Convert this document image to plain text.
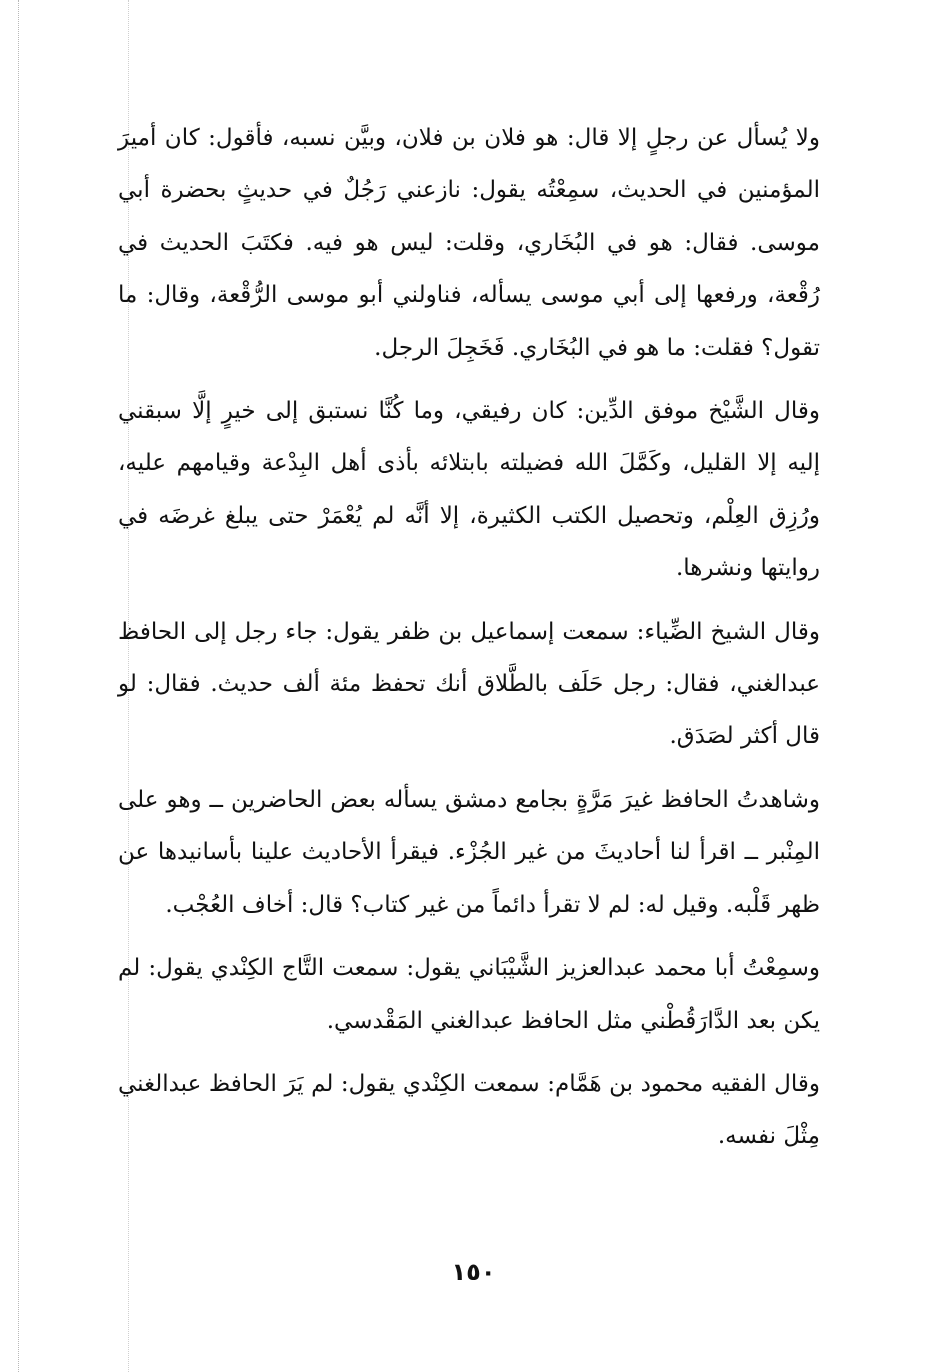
ولا يُسأل عن رجلٍ إلا قال: هو فلان بن فلان، وبيَّن نسبه، فأقول: كان أميرَ المؤمنين في الحديث، سمِعْتُه يقول: نازعني رَجُلٌ في حديثٍ بحضرة أبي موسى. فقال: هو في البُخَاري، وقلت: ليس هو فيه. فكتَبَ الحديث في رُقْعة، ورفعها إلى أبي موسى يسأله، فناولني أبو موسى الرُّقْعة، وقال: ما تقول؟ فقلت: ما هو في البُخَاري. فَخَجِلَ الرجل.

وقال الشَّيْخ موفق الدِّين: كان رفيقي، وما كُنَّا نستبق إلى خيرٍ إلَّا سبقني إليه إلا القليل، وكَمَّلَ الله فضيلته بابتلائه بأذى أهل البِدْعة وقيامهم عليه، ورُزِق العِلْم، وتحصيل الكتب الكثيرة، إلا أنَّه لم يُعْمَرْ حتى يبلغ غرضَه في روايتها ونشرها.

وقال الشيخ الضِّياء: سمعت إسماعيل بن ظفر يقول: جاء رجل إلى الحافظ عبدالغني، فقال: رجل حَلَف بالطَّلاق أنك تحفظ مئة ألف حديث. فقال: لو قال أكثر لصَدَق.

وشاهدتُ الحافظ غيرَ مَرَّةٍ بجامع دمشق يسأله بعض الحاضرين ــ وهو على المِنْبر ــ اقرأ لنا أحاديثَ من غير الجُزْء. فيقرأ الأحاديث علينا بأسانيدها عن ظهر قَلْبه. وقيل له: لم لا تقرأ دائماً من غير كتاب؟ قال: أخاف العُجْب.

وسمِعْتُ أبا محمد عبدالعزيز الشَّيْبَاني يقول: سمعت التَّاج الكِنْدي يقول: لم يكن بعد الدَّارَقُطْني مثل الحافظ عبدالغني المَقْدسي.

وقال الفقيه محمود بن هَمَّام: سمعت الكِنْدي يقول: لم يَرَ الحافظ عبدالغني مِثْلَ نفسه.

١٥٠
